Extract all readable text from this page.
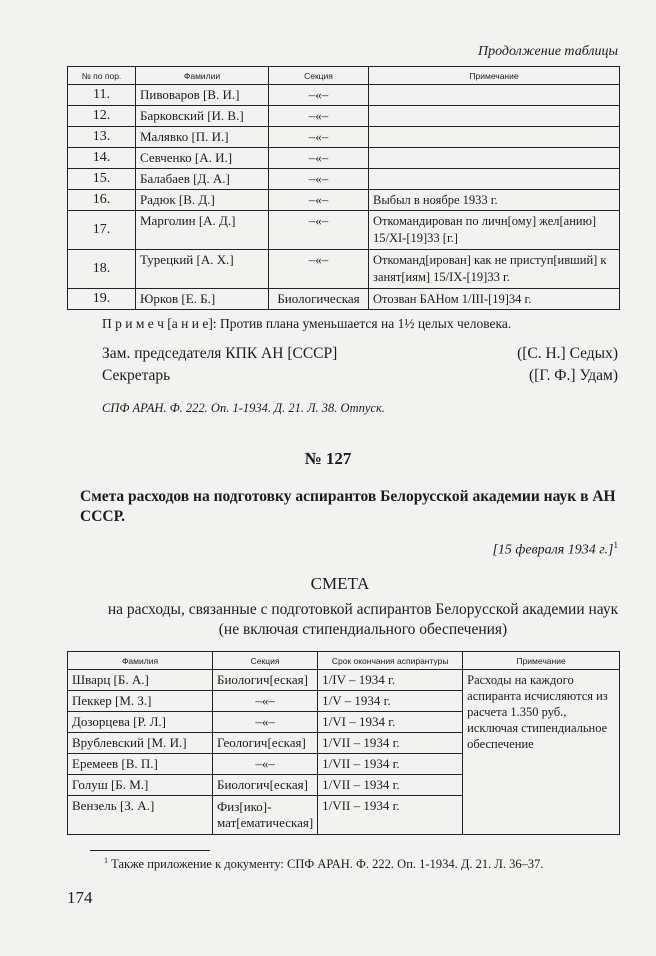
Продолжение таблицы
№ по пор.	Фамилии	Секция	Примечание
11.	Пивоваров [В. И.]	–«–	
12.	Барковский [И. В.]	–«–	
13.	Малявко [П. И.]	–«–	
14.	Севченко [А. И.]	–«–	
15.	Балабаев [Д. А.]	–«–	
16.	Радюк [В. Д.]	–«–	Выбыл в ноябре 1933 г.
17.	Марголин [А. Д.]	–«–	Откомандирован по личн[ому] жел[анию] 15/XI-[19]33 [г.]
18.	Турецкий [А. Х.]	–«–	Откоманд[ирован] как не приступ[ивший] к занят[иям] 15/IX-[19]33 г.
19.	Юрков [Е. Б.]	Биологическая	Отозван БАНом 1/III-[19]34 г.
П р и м е ч [а н и е]: Против плана уменьшается на 1½ целых человека.
Зам. председателя КПК АН [СССР]	([С. Н.] Седых)
Секретарь	([Г. Ф.] Удам)
СПФ АРАН. Ф. 222. Оп. 1-1934. Д. 21. Л. 38. Отпуск.
№ 127
Смета расходов на подготовку аспирантов Белорусской академии наук в АН СССР.
[15 февраля 1934 г.]$^1$
СМЕТА
на расходы, связанные с подготовкой аспирантов Белорусской академии наук
(не включая стипендиального обеспечения)
Фамилия	Секция	Срок окончания аспирантуры	Примечание
Шварц [Б. А.]	Биологич[еская]	1/IV – 1934 г.	Расходы на каждого аспиранта исчисляются из расчета 1.350 руб., исключая стипендиальное обеспечение
Пеккер [М. З.]	–«–	1/V – 1934 г.	
Дозорцева [Р. Л.]	–«–	1/VI – 1934 г.	
Врублевский [М. И.]	Геологич[еская]	1/VII – 1934 г.	
Еремеев [В. П.]	–«–	1/VII – 1934 г.	
Голуш [Б. М.]	Биологич[еская]	1/VII – 1934 г.	
Вензель [З. А.]	Физ[ико]-мат[ематическая]	1/VII – 1934 г.	
$^1$ Также приложение к документу: СПФ АРАН. Ф. 222. Оп. 1-1934. Д. 21. Л. 36–37.
174
